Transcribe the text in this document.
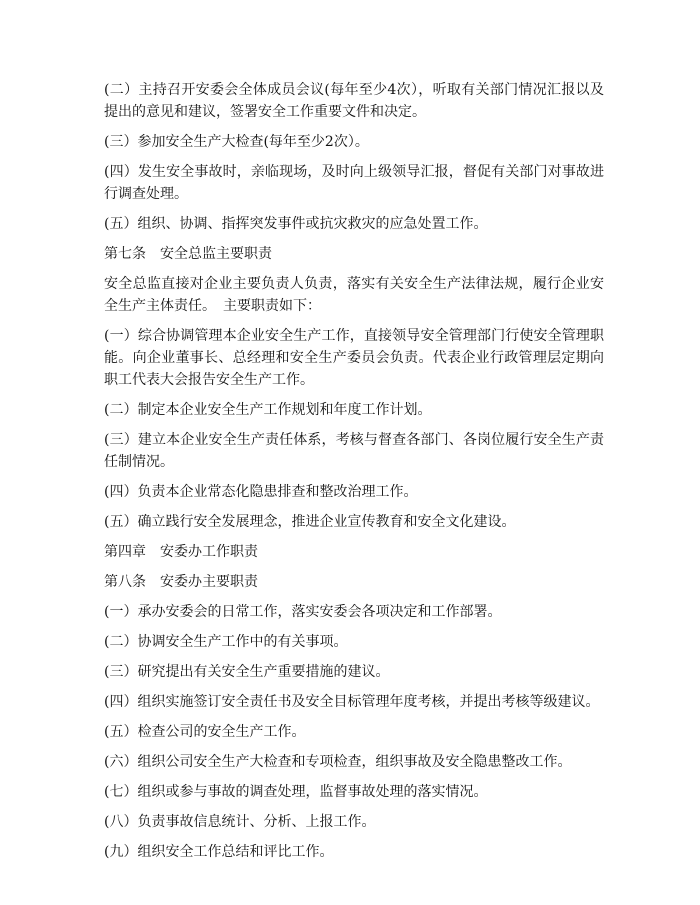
(二）主持召开安委会全体成员会议(每年至少4次），听取有关部门情况汇报以及提出的意见和建议，签署安全工作重要文件和决定。

(三）参加安全生产大检查(每年至少2次）。

(四）发生安全事故时，亲临现场，及时向上级领导汇报，督促有关部门对事故进行调查处理。

(五）组织、协调、指挥突发事件或抗灾救灾的应急处置工作。

第七条　安全总监主要职责

安全总监直接对企业主要负责人负责，落实有关安全生产法律法规，履行企业安全生产主体责任。　主要职责如下：

(一）综合协调管理本企业安全生产工作，直接领导安全管理部门行使安全管理职能。向企业董事长、总经理和安全生产委员会负责。代表企业行政管理层定期向职工代表大会报告安全生产工作。

(二）制定本企业安全生产工作规划和年度工作计划。

(三）建立本企业安全生产责任体系，考核与督查各部门、各岗位履行安全生产责任制情况。

(四）负责本企业常态化隐患排查和整改治理工作。

(五）确立践行安全发展理念，推进企业宣传教育和安全文化建设。

第四章　安委办工作职责

第八条　安委办主要职责

(一）承办安委会的日常工作，落实安委会各项决定和工作部署。

(二）协调安全生产工作中的有关事项。

(三）研究提出有关安全生产重要措施的建议。

(四）组织实施签订安全责任书及安全目标管理年度考核，并提出考核等级建议。

(五）检查公司的安全生产工作。

(六）组织公司安全生产大检查和专项检查，组织事故及安全隐患整改工作。

(七）组织或参与事故的调查处理，监督事故处理的落实情况。

(八）负责事故信息统计、分析、上报工作。

(九）组织安全工作总结和评比工作。
